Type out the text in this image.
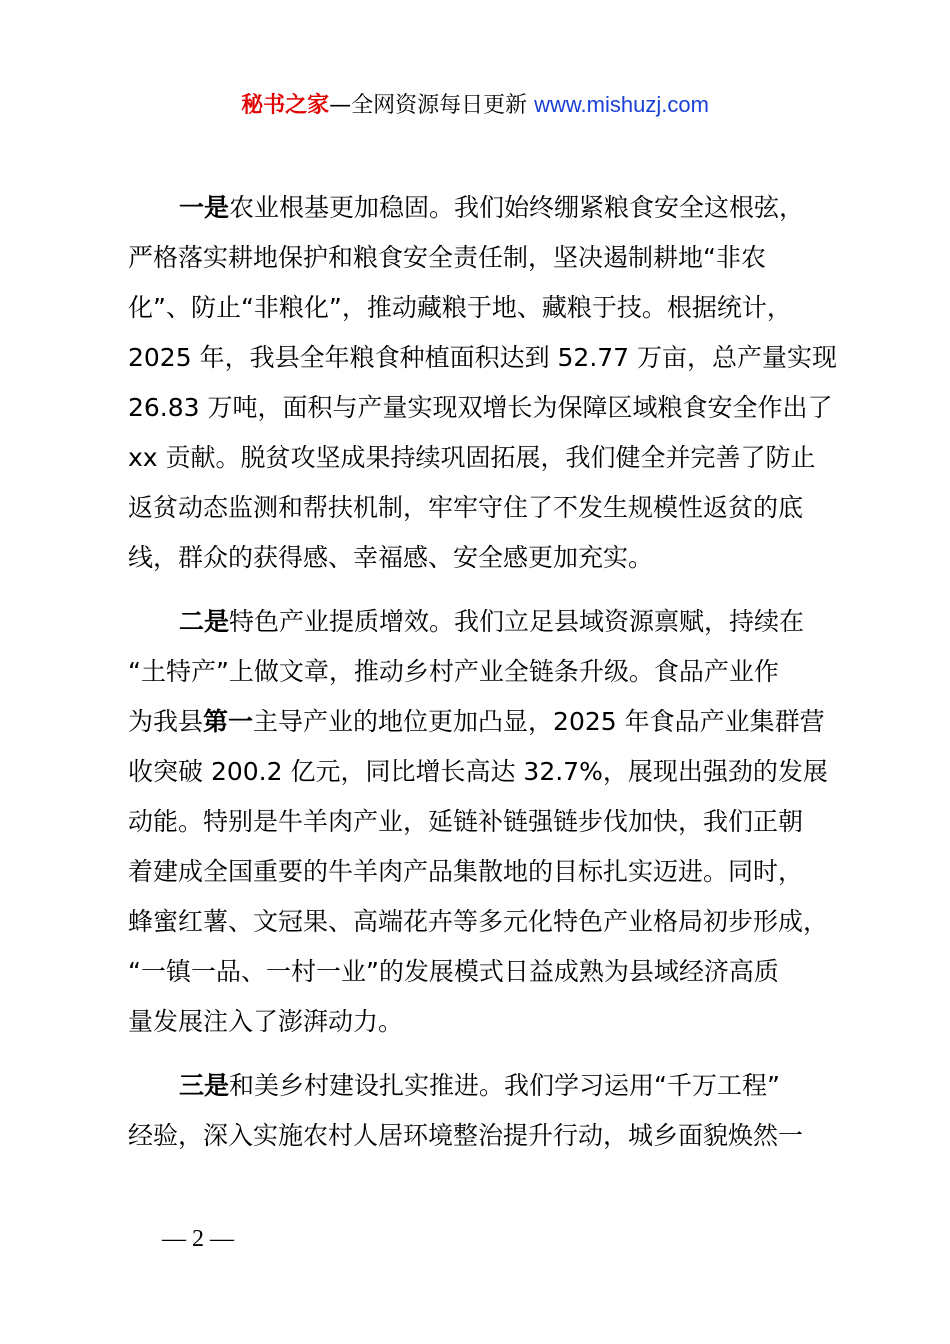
秘书之家—全网资源每日更新 www.mishuzj.com
一是农业根基更加稳固。我们始终绷紧粮食安全这根弦，
严格落实耕地保护和粮食安全责任制，坚决遏制耕地“非农
化”、防止“非粮化”，推动藏粮于地、藏粮于技。根据统计，
2025 年，我县全年粮食种植面积达到 52.77 万亩，总产量实现
26.83 万吨，面积与产量实现双增长为保障区域粮食安全作出了
xx 贡献。脱贫攻坚成果持续巩固拓展，我们健全并完善了防止
返贫动态监测和帮扶机制，牢牢守住了不发生规模性返贫的底
线，群众的获得感、幸福感、安全感更加充实。
二是特色产业提质增效。我们立足县域资源禀赋，持续在
“土特产”上做文章，推动乡村产业全链条升级。食品产业作
为我县第一主导产业的地位更加凸显，2025 年食品产业集群营
收突破 200.2 亿元，同比增长高达 32.7%，展现出强劲的发展
动能。特别是牛羊肉产业，延链补链强链步伐加快，我们正朝
着建成全国重要的牛羊肉产品集散地的目标扎实迈进。同时，
蜂蜜红薯、文冠果、高端花卉等多元化特色产业格局初步形成，
“一镇一品、一村一业”的发展模式日益成熟为县域经济高质
量发展注入了澎湃动力。
三是和美乡村建设扎实推进。我们学习运用“千万工程”
经验，深入实施农村人居环境整治提升行动，城乡面貌焕然一
— 2 —
